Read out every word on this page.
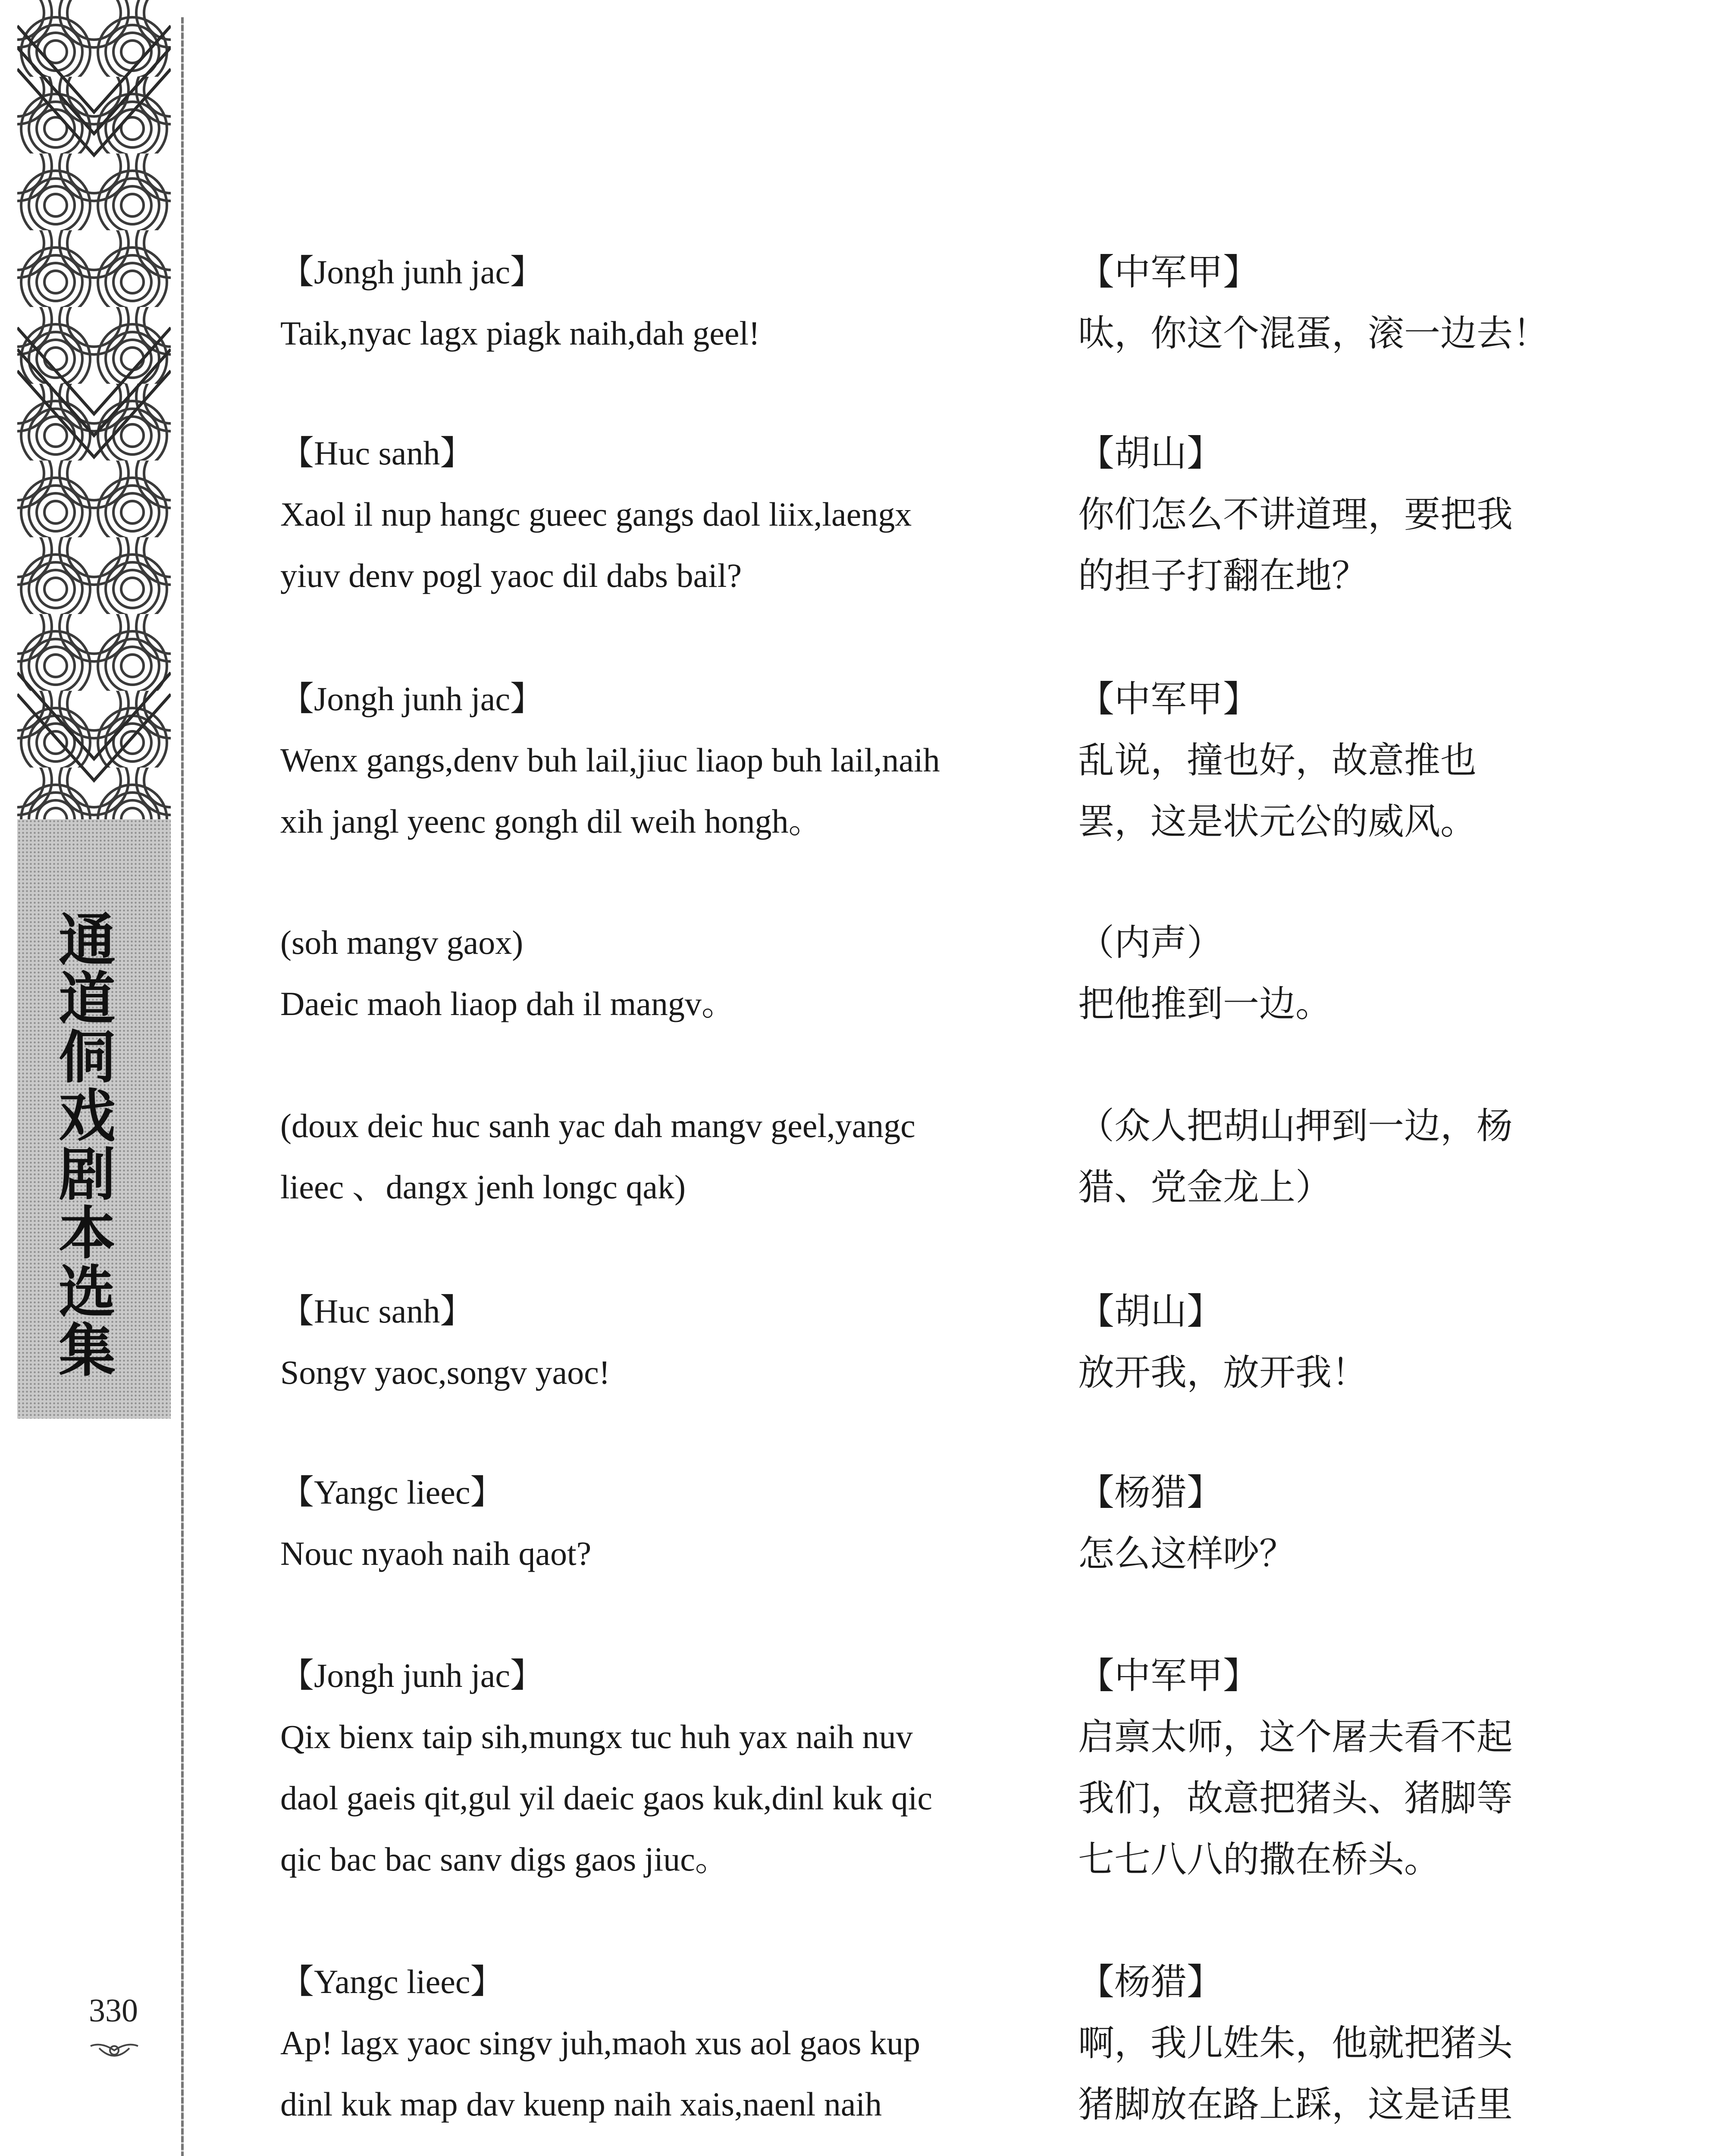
通道侗戏剧本选集
330
【Jongh junh jac】
Taik,nyac lagx piagk naih,dah geel!
【中军甲】
呔，你这个混蛋，滚一边去！
【Huc sanh】
Xaol il nup hangc gueec gangs daol liix,laengx
yiuv denv pogl yaoc dil dabs bail?
【胡山】
你们怎么不讲道理，要把我
的担子打翻在地？
【Jongh junh jac】
Wenx gangs,denv buh lail,jiuc liaop buh lail,naih
xih jangl yeenc gongh dil weih hongh。
【中军甲】
乱说，撞也好，故意推也
罢，这是状元公的威风。
(soh mangv gaox)
Daeic maoh liaop dah il mangv。
（内声）
把他推到一边。
(doux deic huc sanh yac dah mangv geel,yangc
lieec 、dangx jenh longc qak)
（众人把胡山押到一边，杨
猎、党金龙上）
【Huc sanh】
Songv yaoc,songv yaoc!
【胡山】
放开我，放开我！
【Yangc lieec】
Nouc nyaoh naih qaot?
【杨猎】
怎么这样吵？
【Jongh junh jac】
Qix bienx taip sih,mungx tuc huh yax naih nuv
daol gaeis qit,gul yil daeic gaos kuk,dinl kuk qic
qic bac bac sanv digs gaos jiuc。
【中军甲】
启禀太师，这个屠夫看不起
我们，故意把猪头、猪脚等
七七八八的撒在桥头。
【Yangc lieec】
Ap! lagx yaoc singv juh,maoh xus aol gaos kup
dinl kuk map dav kuenp naih xais,naenl naih
【杨猎】
啊，我儿姓朱，他就把猪头
猪脚放在路上踩，这是话里
